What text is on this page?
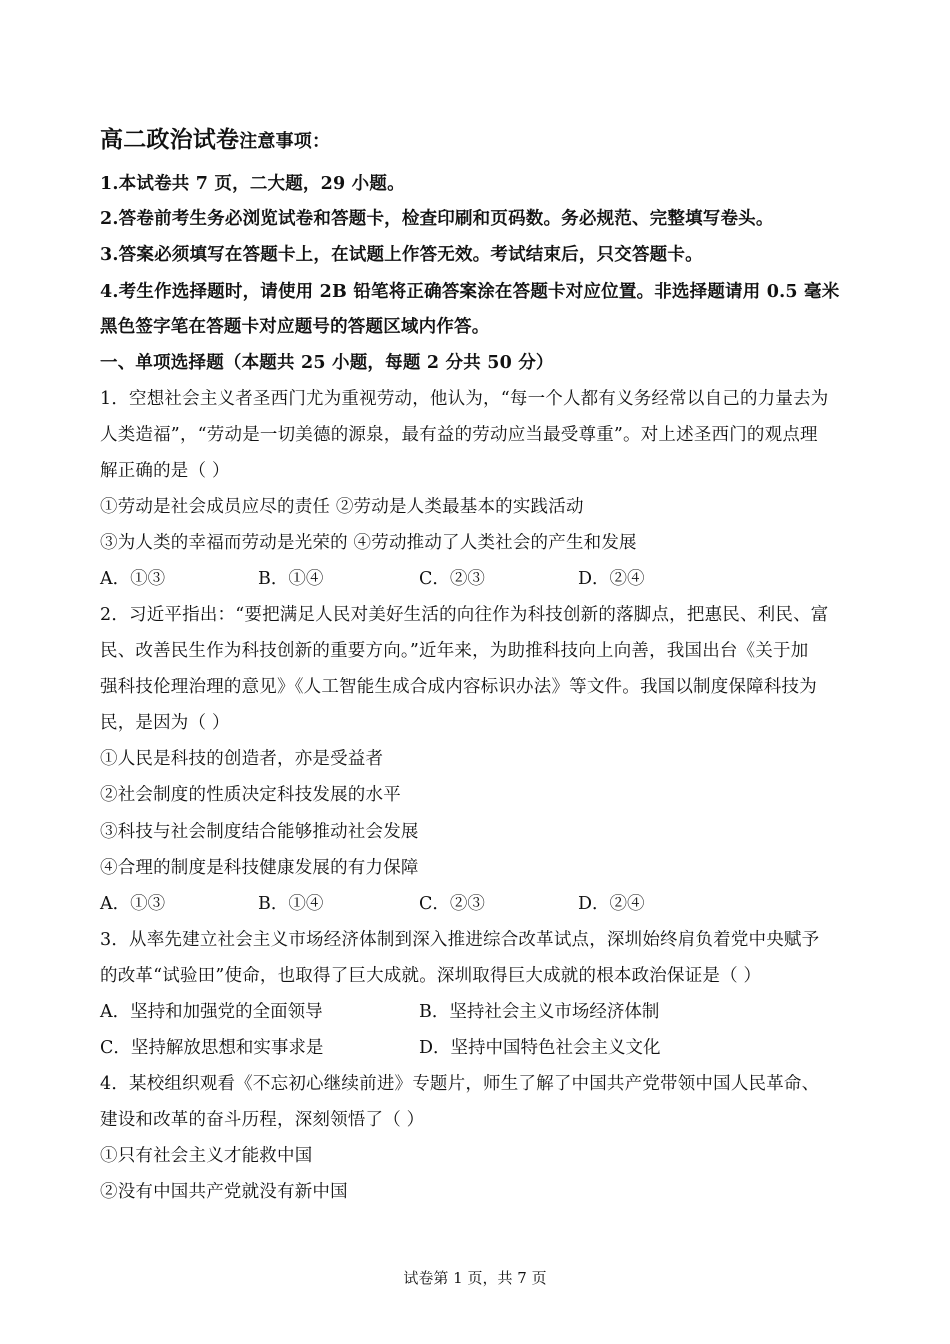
高二政治试卷注意事项：
1.本试卷共 7 页，二大题，29 小题。
2.答卷前考生务必浏览试卷和答题卡，检查印刷和页码数。务必规范、完整填写卷头。
3.答案必须填写在答题卡上，在试题上作答无效。考试结束后，只交答题卡。
4.考生作选择题时，请使用 2B 铅笔将正确答案涂在答题卡对应位置。非选择题请用 0.5 毫米
黑色签字笔在答题卡对应题号的答题区域内作答。
一、单项选择题（本题共 25 小题，每题 2 分共 50 分）
1．空想社会主义者圣西门尤为重视劳动，他认为，“每一个人都有义务经常以自己的力量去为
人类造福”，“劳动是一切美德的源泉，最有益的劳动应当最受尊重”。对上述圣西门的观点理
解正确的是（ ）
①劳动是社会成员应尽的责任 ②劳动是人类最基本的实践活动
③为人类的幸福而劳动是光荣的 ④劳动推动了人类社会的产生和发展
A．①③	B．①④	C．②③	D．②④
2．习近平指出：“要把满足人民对美好生活的向往作为科技创新的落脚点，把惠民、利民、富
民、改善民生作为科技创新的重要方向。”近年来，为助推科技向上向善，我国出台《关于加
强科技伦理治理的意见》《人工智能生成合成内容标识办法》等文件。我国以制度保障科技为
民，是因为（ ）
①人民是科技的创造者，亦是受益者
②社会制度的性质决定科技发展的水平
③科技与社会制度结合能够推动社会发展
④合理的制度是科技健康发展的有力保障
A．①③	B．①④	C．②③	D．②④
3．从率先建立社会主义市场经济体制到深入推进综合改革试点，深圳始终肩负着党中央赋予
的改革“试验田”使命，也取得了巨大成就。深圳取得巨大成就的根本政治保证是（ ）
A．坚持和加强党的全面领导	B．坚持社会主义市场经济体制
C．坚持解放思想和实事求是	D．坚持中国特色社会主义文化
4．某校组织观看《不忘初心继续前进》专题片，师生了解了中国共产党带领中国人民革命、
建设和改革的奋斗历程，深刻领悟了（ ）
①只有社会主义才能救中国
②没有中国共产党就没有新中国
试卷第 1 页，共 7 页
